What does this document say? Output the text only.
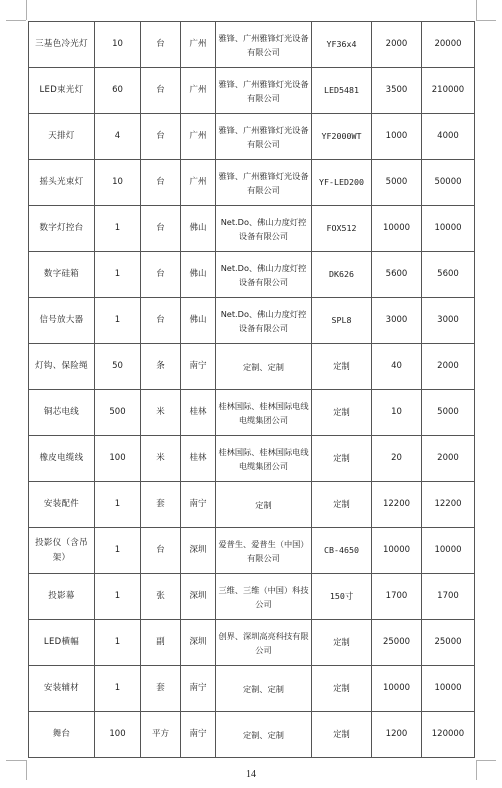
三基色冷光灯	10	台	广州	雅锋、广州雅锋灯光设备有限公司	YF36x4	2000	20000
LED束光灯	60	台	广州	雅锋、广州雅锋灯光设备有限公司	LED5481	3500	210000
天排灯	4	台	广州	雅锋、广州雅锋灯光设备有限公司	YF2000WT	1000	4000
摇头光束灯	10	台	广州	雅锋、广州雅锋灯光设备有限公司	YF-LED200	5000	50000
数字灯控台	1	台	佛山	Net.Do、佛山力度灯控设备有限公司	FOX512	10000	10000
数字硅箱	1	台	佛山	Net.Do、佛山力度灯控设备有限公司	DK626	5600	5600
信号放大器	1	台	佛山	Net.Do、佛山力度灯控设备有限公司	SPL8	3000	3000
灯钩、保险绳	50	条	南宁	定制、定制	定制	40	2000
铜芯电线	500	米	桂林	桂林国际、桂林国际电线电缆集团公司	定制	10	5000
橡皮电缆线	100	米	桂林	桂林国际、桂林国际电线电缆集团公司	定制	20	2000
安装配件	1	套	南宁	定制	定制	12200	12200
投影仪（含吊架）	1	台	深圳	爱普生、爱普生（中国）有限公司	CB-4650	10000	10000
投影幕	1	张	深圳	三维、三维（中国）科技公司	150寸	1700	1700
LED横幅	1	副	深圳	创界、深圳高亮科技有限公司	定制	25000	25000
安装辅材	1	套	南宁	定制、定制	定制	10000	10000
舞台	100	平方	南宁	定制、定制	定制	1200	120000
14
